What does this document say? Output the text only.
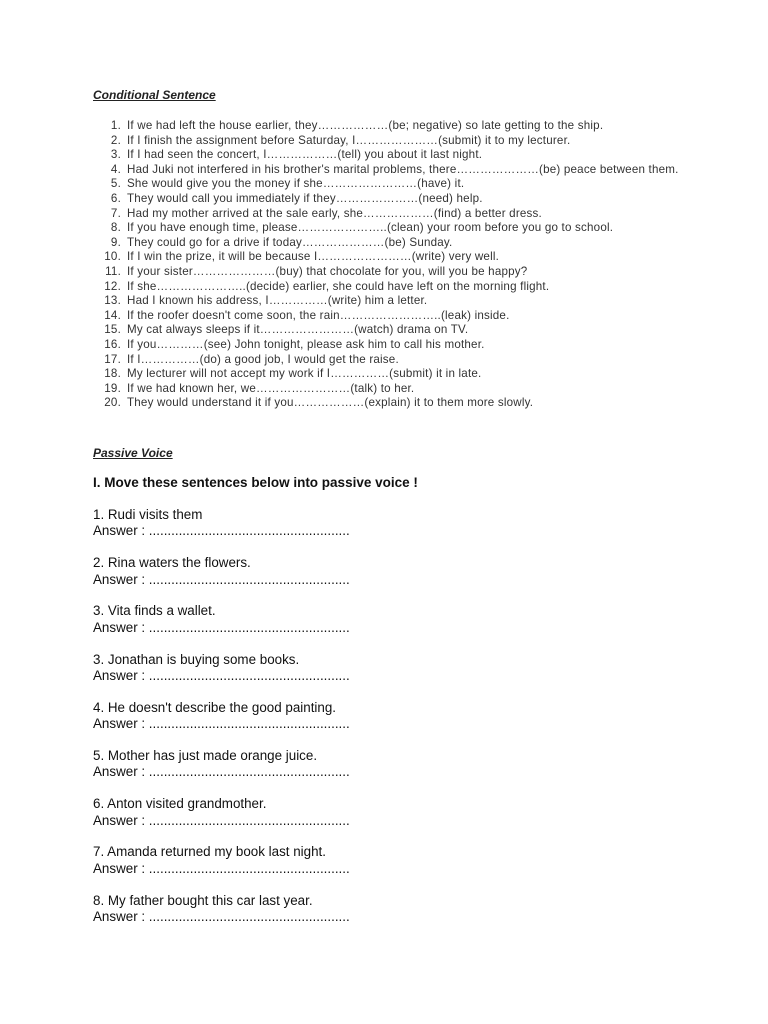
Conditional Sentence
1. If we had left the house earlier, they………………(be; negative) so late getting to the ship.
2. If I finish the assignment before Saturday, I…………………(submit) it to my lecturer.
3. If I had seen the concert, I………………(tell) you about it last night.
4. Had Juki not interfered in his brother's marital problems, there…………………(be) peace between them.
5. She would give you the money if she……………………(have) it.
6. They would call you immediately if they…………………(need) help.
7. Had my mother arrived at the sale early, she………………(find) a better dress.
8. If you have enough time, please…………………..(clean) your room before you go to school.
9. They could go for a drive if today…………………(be) Sunday.
10. If I win the prize, it will be because I……………………(write) very well.
11. If your sister…………………(buy) that chocolate for you, will you be happy?
12. If she…………………..(decide) earlier, she could have left on the morning flight.
13. Had I known his address, I……………(write) him a letter.
14. If the roofer doesn't come soon, the rain……………………..(leak) inside.
15. My cat always sleeps if it……………………(watch) drama on TV.
16. If you…………(see) John tonight, please ask him to call his mother.
17. If I……………(do) a good job, I would get the raise.
18. My lecturer will not accept my work if I……………(submit) it in late.
19. If we had known her, we……………………(talk) to her.
20. They would understand it if you………………(explain) it to them more slowly.
Passive Voice
I. Move these sentences below into passive voice !
1. Rudi visits them
Answer : ......................................................
2. Rina waters the flowers.
Answer : ......................................................
3. Vita finds a wallet.
Answer : ......................................................
3. Jonathan is buying some books.
Answer : ......................................................
4. He doesn't describe the good painting.
Answer : ......................................................
5. Mother has just made orange juice.
Answer : ......................................................
6. Anton visited grandmother.
Answer : ......................................................
7. Amanda returned my book last night.
Answer : ......................................................
8. My father bought this car last year.
Answer : ......................................................
